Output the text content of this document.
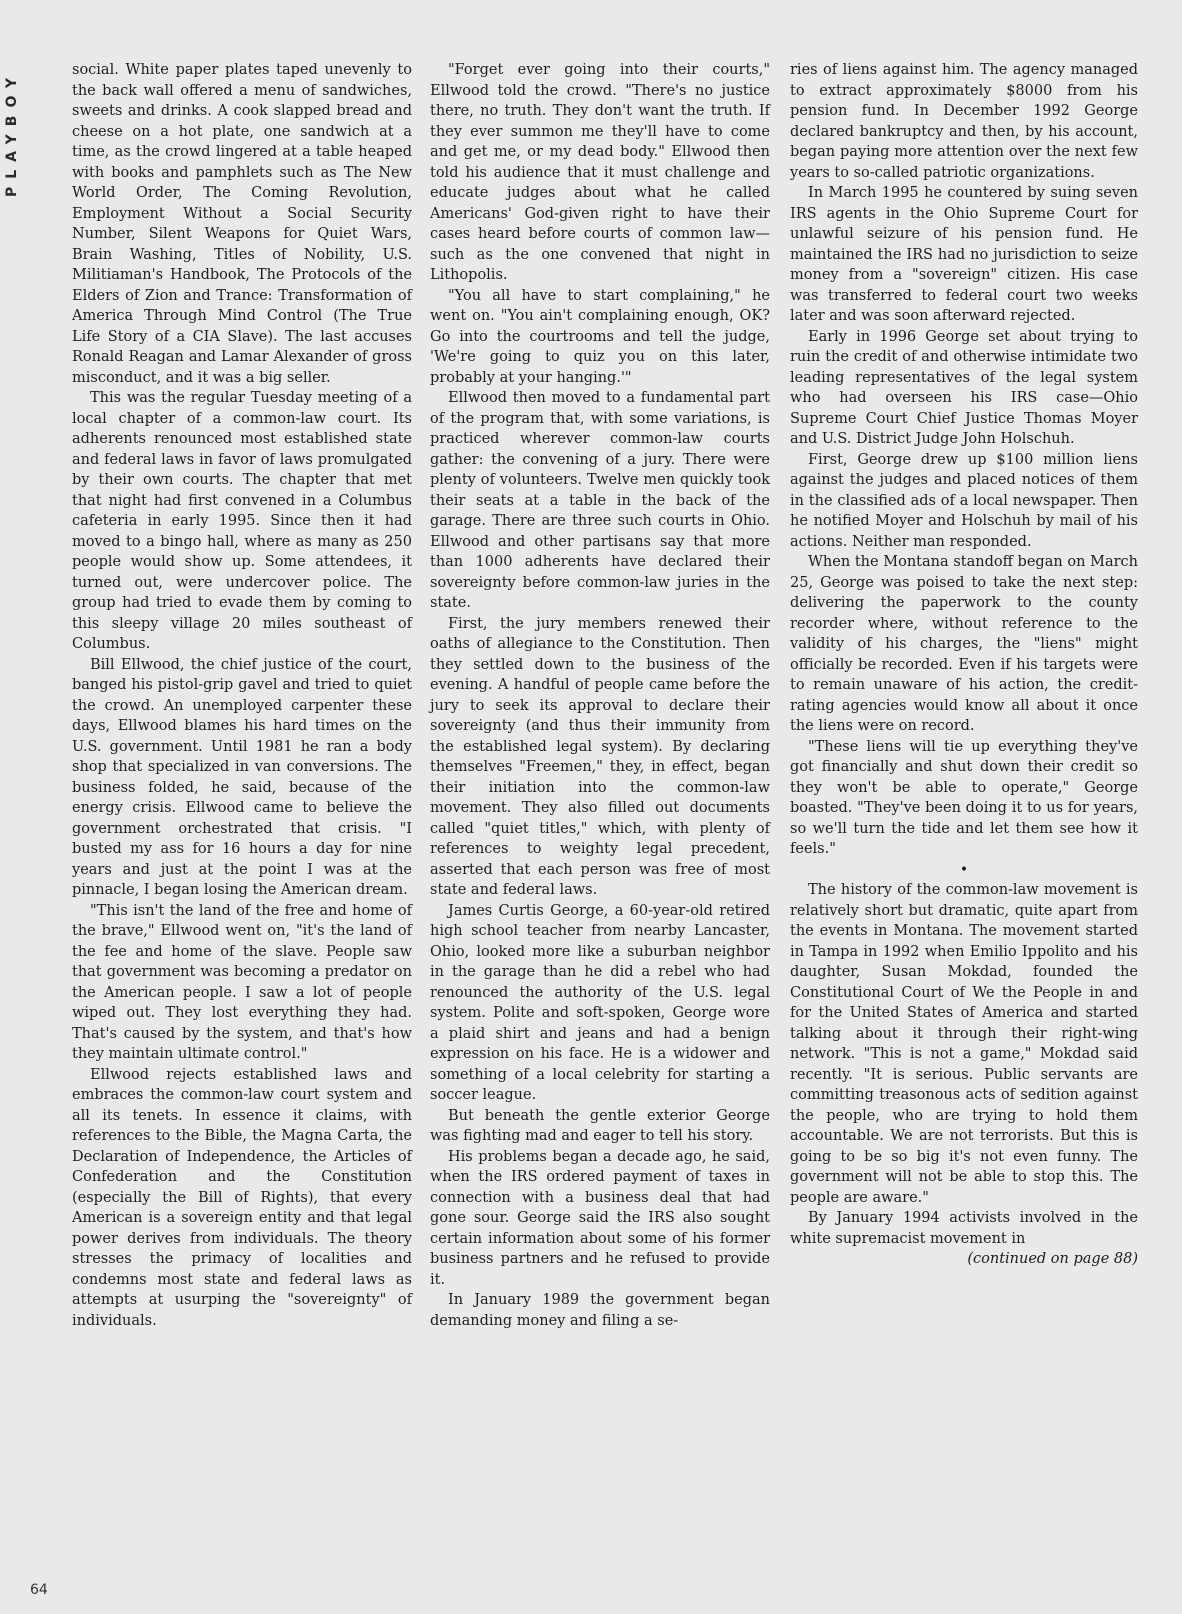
PLAYBOY	social. White paper plates taped unevenly to the back wall offered a menu of sandwiches, sweets and drinks. A cook slapped bread and cheese on a hot plate, one sandwich at a time, as the crowd lingered at a table heaped with books and pamphlets such as The New World Order, The Coming Revolution, Employment Without a Social Security Number, Silent Weapons for Quiet Wars, Brain Washing, Titles of Nobility, U.S. Militiaman's Handbook, The Protocols of the Elders of Zion and Trance: Transformation of America Through Mind Control (The True Life Story of a CIA Slave). The last accuses Ronald Reagan and Lamar Alexander of gross misconduct, and it was a big seller.

This was the regular Tuesday meeting of a local chapter of a common-law court. Its adherents renounced most established state and federal laws in favor of laws promulgated by their own courts. The chapter that met that night had first convened in a Columbus cafeteria in early 1995. Since then it had moved to a bingo hall, where as many as 250 people would show up. Some attendees, it turned out, were undercover police. The group had tried to evade them by coming to this sleepy village 20 miles southeast of Columbus.

Bill Ellwood, the chief justice of the court, banged his pistol-grip gavel and tried to quiet the crowd. An unemployed carpenter these days, Ellwood blames his hard times on the U.S. government. Until 1981 he ran a body shop that specialized in van conversions. The business folded, he said, because of the energy crisis. Ellwood came to believe the government orchestrated that crisis. "I busted my ass for 16 hours a day for nine years and just at the point I was at the pinnacle, I began losing the American dream.

"This isn't the land of the free and home of the brave," Ellwood went on, "it's the land of the fee and home of the slave. People saw that government was becoming a predator on the American people. I saw a lot of people wiped out. They lost everything they had. That's caused by the system, and that's how they maintain ultimate control."

Ellwood rejects established laws and embraces the common-law court system and all its tenets. In essence it claims, with references to the Bible, the Magna Carta, the Declaration of Independence, the Articles of Confederation and the Constitution (especially the Bill of Rights), that every American is a sovereign entity and that legal power derives from individuals. The theory stresses the primacy of localities and condemns most state and federal laws as attempts at usurping the "sovereignty" of individuals.

"Forget ever going into their courts," Ellwood told the crowd. "There's no justice there, no truth. They don't want the truth. If they ever summon me they'll have to come and get me, or my dead body." Ellwood then told his audience that it must challenge and educate judges about what he called Americans' God-given right to have their cases heard before courts of common law—such as the one convened that night in Lithopolis.

"You all have to start complaining," he went on. "You ain't complaining enough, OK? Go into the courtrooms and tell the judge, 'We're going to quiz you on this later, probably at your hanging.'"

Ellwood then moved to a fundamental part of the program that, with some variations, is practiced wherever common-law courts gather: the convening of a jury. There were plenty of volunteers. Twelve men quickly took their seats at a table in the back of the garage. There are three such courts in Ohio. Ellwood and other partisans say that more than 1000 adherents have declared their sovereignty before common-law juries in the state.

First, the jury members renewed their oaths of allegiance to the Constitution. Then they settled down to the business of the evening. A handful of people came before the jury to seek its approval to declare their sovereignty (and thus their immunity from the established legal system). By declaring themselves "Freemen," they, in effect, began their initiation into the common-law movement. They also filled out documents called "quiet titles," which, with plenty of references to weighty legal precedent, asserted that each person was free of most state and federal laws.

James Curtis George, a 60-year-old retired high school teacher from nearby Lancaster, Ohio, looked more like a suburban neighbor in the garage than he did a rebel who had renounced the authority of the U.S. legal system. Polite and soft-spoken, George wore a plaid shirt and jeans and had a benign expression on his face. He is a widower and something of a local celebrity for starting a soccer league.

But beneath the gentle exterior George was fighting mad and eager to tell his story.

His problems began a decade ago, he said, when the IRS ordered payment of taxes in connection with a business deal that had gone sour. George said the IRS also sought certain information about some of his former business partners and he refused to provide it.

In January 1989 the government began demanding money and filing a se-

ries of liens against him. The agency managed to extract approximately $8000 from his pension fund. In December 1992 George declared bankruptcy and then, by his account, began paying more attention over the next few years to so-called patriotic organizations.

In March 1995 he countered by suing seven IRS agents in the Ohio Supreme Court for unlawful seizure of his pension fund. He maintained the IRS had no jurisdiction to seize money from a "sovereign" citizen. His case was transferred to federal court two weeks later and was soon afterward rejected.

Early in 1996 George set about trying to ruin the credit of and otherwise intimidate two leading representatives of the legal system who had overseen his IRS case—Ohio Supreme Court Chief Justice Thomas Moyer and U.S. District Judge John Holschuh.

First, George drew up $100 million liens against the judges and placed notices of them in the classified ads of a local newspaper. Then he notified Moyer and Holschuh by mail of his actions. Neither man responded.

When the Montana standoff began on March 25, George was poised to take the next step: delivering the paperwork to the county recorder where, without reference to the validity of his charges, the "liens" might officially be recorded. Even if his targets were to remain unaware of his action, the credit-rating agencies would know all about it once the liens were on record.

"These liens will tie up everything they've got financially and shut down their credit so they won't be able to operate," George boasted. "They've been doing it to us for years, so we'll turn the tide and let them see how it feels."

•

The history of the common-law movement is relatively short but dramatic, quite apart from the events in Montana. The movement started in Tampa in 1992 when Emilio Ippolito and his daughter, Susan Mokdad, founded the Constitutional Court of We the People in and for the United States of America and started talking about it through their right-wing network. "This is not a game," Mokdad said recently. "It is serious. Public servants are committing treasonous acts of sedition against the people, who are trying to hold them accountable. We are not terrorists. But this is going to be so big it's not even funny. The government will not be able to stop this. The people are aware."

By January 1994 activists involved in the white supremacist movement in

(continued on page 88)

64
